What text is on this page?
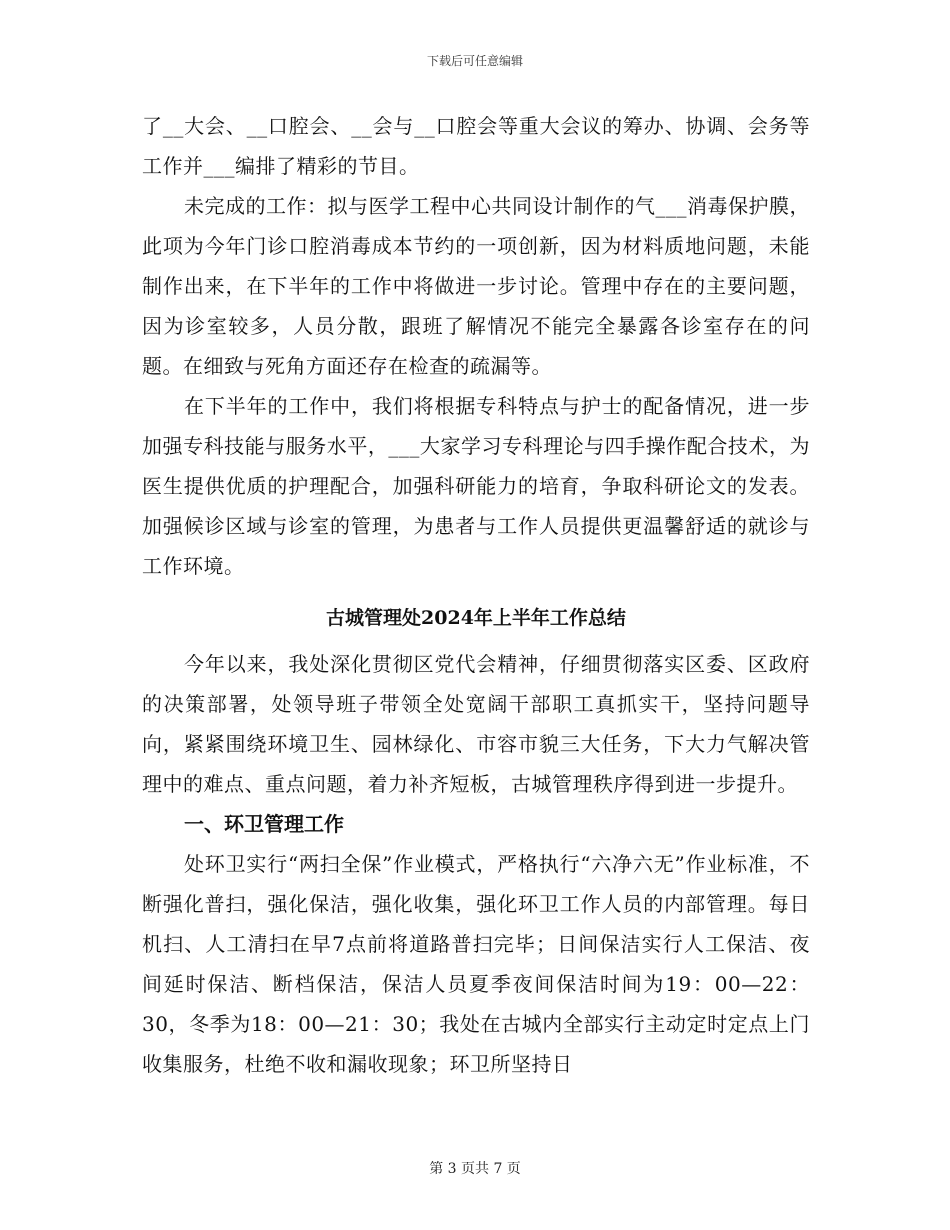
下载后可任意编辑

了__大会、__口腔会、__会与__口腔会等重大会议的筹办、协调、会务等工作并___编排了精彩的节目。

未完成的工作：拟与医学工程中心共同设计制作的气___消毒保护膜，此项为今年门诊口腔消毒成本节约的一项创新，因为材料质地问题，未能制作出来，在下半年的工作中将做进一步讨论。管理中存在的主要问题，因为诊室较多，人员分散，跟班了解情况不能完全暴露各诊室存在的问题。在细致与死角方面还存在检查的疏漏等。

在下半年的工作中，我们将根据专科特点与护士的配备情况，进一步加强专科技能与服务水平，___大家学习专科理论与四手操作配合技术，为医生提供优质的护理配合，加强科研能力的培育，争取科研论文的发表。加强候诊区域与诊室的管理，为患者与工作人员提供更温馨舒适的就诊与工作环境。

古城管理处2024年上半年工作总结

今年以来，我处深化贯彻区党代会精神，仔细贯彻落实区委、区政府的决策部署，处领导班子带领全处宽阔干部职工真抓实干，坚持问题导向，紧紧围绕环境卫生、园林绿化、市容市貌三大任务，下大力气解决管理中的难点、重点问题，着力补齐短板，古城管理秩序得到进一步提升。

一、环卫管理工作

处环卫实行“两扫全保”作业模式，严格执行“六净六无”作业标准，不断强化普扫，强化保洁，强化收集，强化环卫工作人员的内部管理。每日机扫、人工清扫在早7点前将道路普扫完毕；日间保洁实行人工保洁、夜间延时保洁、断档保洁，保洁人员夏季夜间保洁时间为19：00—22：30，冬季为18：00—21：30；我处在古城内全部实行主动定时定点上门收集服务，杜绝不收和漏收现象；环卫所坚持日

第 3 页共 7 页
